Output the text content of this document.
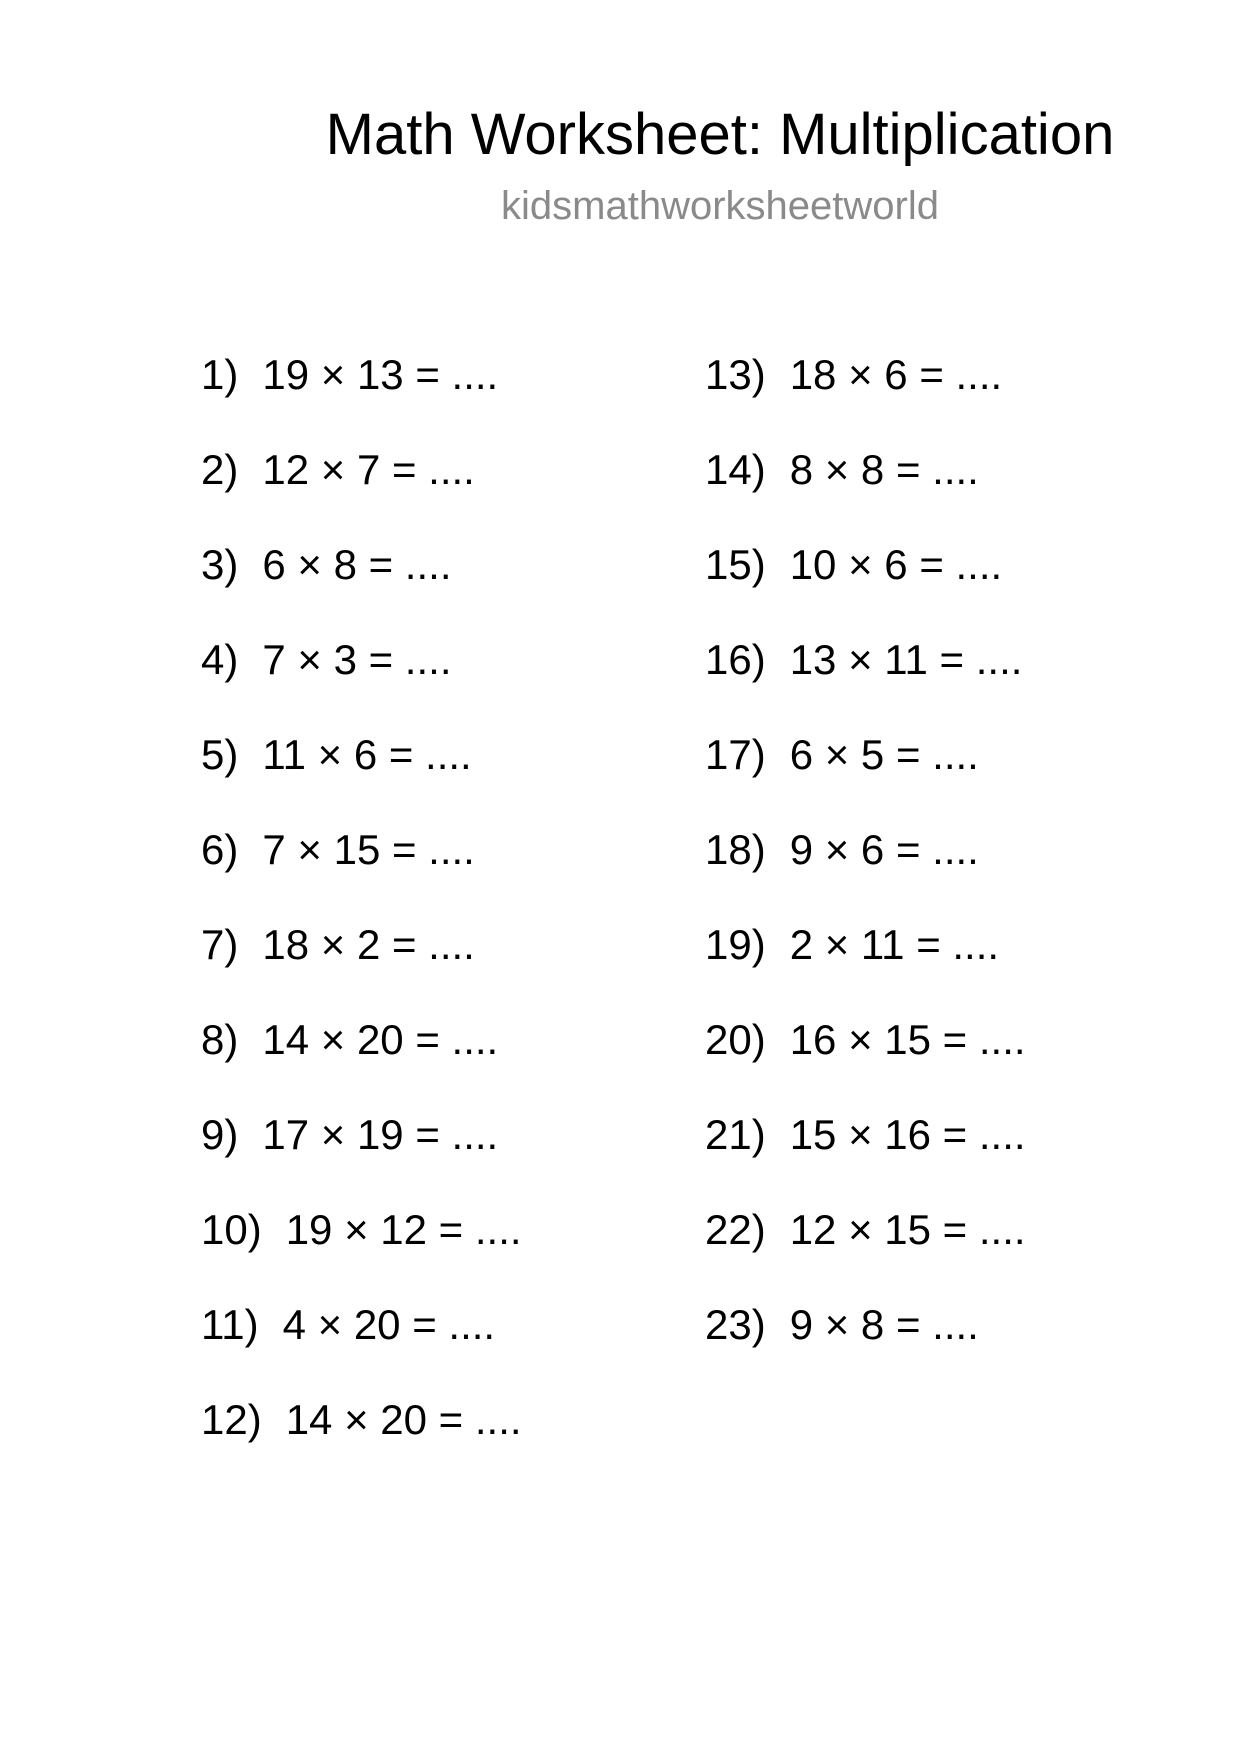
Math Worksheet: Multiplication
kidsmathworksheetworld
1) 19 × 13 = ....
2) 12 × 7 = ....
3) 6 × 8 = ....
4) 7 × 3 = ....
5) 11 × 6 = ....
6) 7 × 15 = ....
7) 18 × 2 = ....
8) 14 × 20 = ....
9) 17 × 19 = ....
10) 19 × 12 = ....
11) 4 × 20 = ....
12) 14 × 20 = ....
13) 18 × 6 = ....
14) 8 × 8 = ....
15) 10 × 6 = ....
16) 13 × 11 = ....
17) 6 × 5 = ....
18) 9 × 6 = ....
19) 2 × 11 = ....
20) 16 × 15 = ....
21) 15 × 16 = ....
22) 12 × 15 = ....
23) 9 × 8 = ....
